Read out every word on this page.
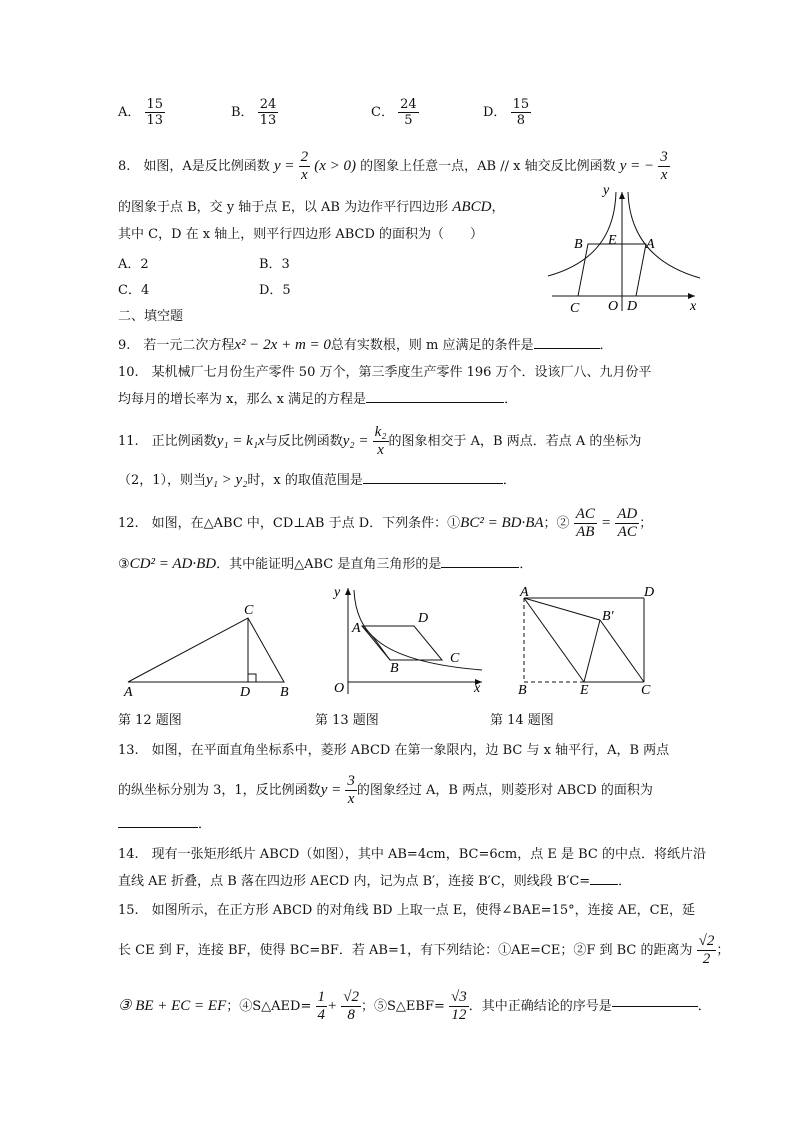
A． $\frac{15}{13}$	B． $\frac{24}{13}$	C． $\frac{24}{5}$	D． $\frac{15}{8}$
8.　如图，A是反比例函数 $y = \frac{2}{x} (x > 0)$ 的图象上任意一点，AB // x 轴交反比例函数 y = − $\frac{3}{x}$
的图象于点 B，交 y 轴于点 E，以 AB 为边作平行四边形 ABCD，
其中 C，D 在 x 轴上，则平行四边形 ABCD 的面积为（　　）
A．2	B．3
C．4	D．5
y
x
B E A
C O D
二、填空题
9.　若一元二次方程x² − 2x + m = 0总有实数根，则 m 应满足的条件是	．
10.　某机械厂七月份生产零件 50 万个，第三季度生产零件 196 万个．设该厂八、九月份平
均每月的增长率为 x，那么 x 满足的方程是	．
11.　正比例函数y₁ = k₁x与反比例函数$y_2 = \frac{\text{k₂}}{x}$ 的图象相交于 A，B 两点．若点 A 的坐标为
（2，1），则当y₁ > y₂时，x 的取值范围是	．
12.　如图，在△ABC 中，CD⊥AB 于点 D．下列条件：①BC² = BD·BA；② $\frac{AC}{AB} = \frac{AD}{AC}$ ；
③CD² = AD·BD．其中能证明△ABC 是直角三角形的是	．
A
C
D B
y
x
O
A
D
C
B
A	D
B′
B	E	C
第 12 题图	第 13 题图	第 14 题图
13.　如图，在平面直角坐标系中，菱形 ABCD 在第一象限内，边 BC 与 x 轴平行，A，B 两点
的纵坐标分别为 3，1，反比例函数$y = \frac{3}{x}$ 的图象经过 A，B 两点，则菱形对 ABCD 的面积为
．
14.　现有一张矩形纸片 ABCD（如图），其中 AB=4cm，BC=6cm，点 E 是 BC 的中点．将纸片沿
直线 AE 折叠，点 B 落在四边形 AECD 内，记为点 B′，连接 B′C，则线段 B′C= ．
15.　如图所示，在正方形 ABCD 的对角线 BD 上取一点 E，使得∠BAE=15°，连接 AE，CE，延
长 CE 到 F，连接 BF，使得 BC=BF．若 AB=1，有下列结论：①AE=CE；②F 到 BC 的距离为 $\frac{√2}{2}$ ；
③ BE + EC = EF；④S△AED= $\frac{1}{4} + \frac{√2}{8}$ ；⑤S△EBF= $\frac{√3}{12}$ ．其中正确结论的序号是	．
